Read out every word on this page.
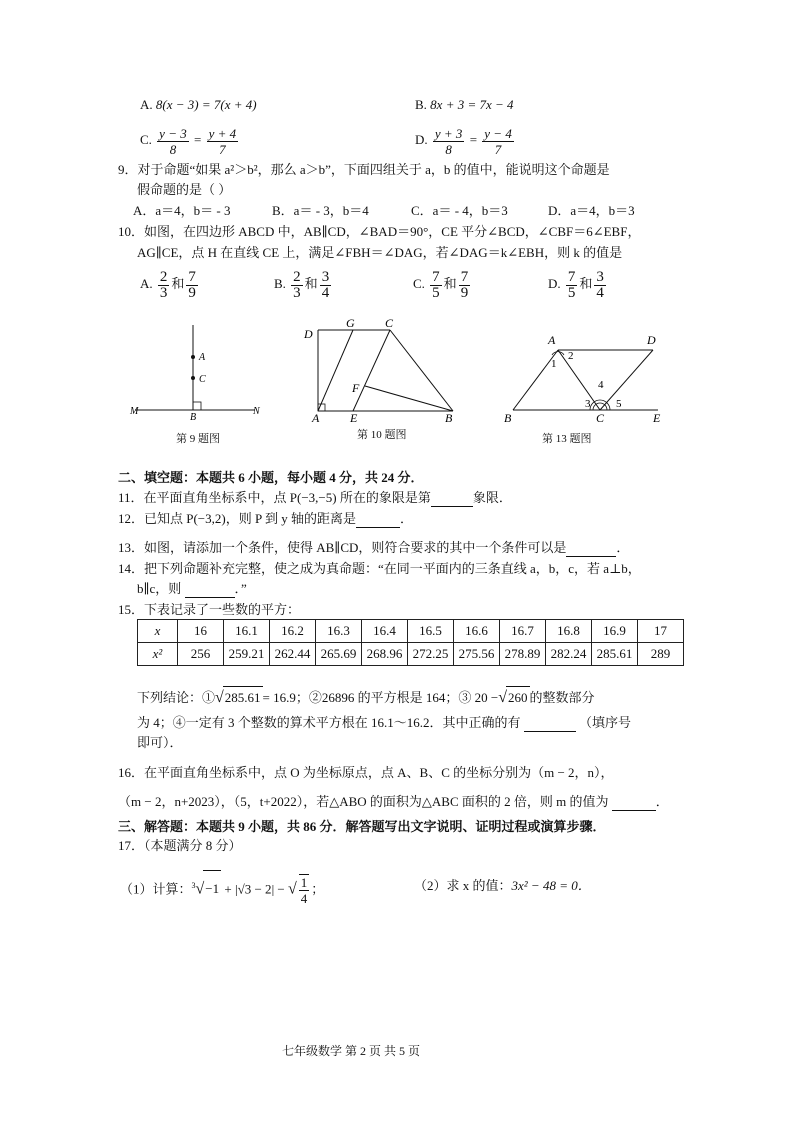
A. 8(x − 3) = 7(x + 4)	B. 8x + 3 = 7x − 4
C. $\frac{y - 3}{8} = \frac{y + 4}{7}$	D. $\frac{y + 3}{8} = \frac{y - 4}{7}$
9．对于命题“如果 a²＞b²，那么 a＞b”，下面四组关于 a，b 的值中，能说明这个命题是
假命题的是（ ）
A．a＝4，b＝ - 3	B．a＝ - 3，b＝4	C．a＝ - 4，b＝3	D．a＝4，b＝3
10．如图，在四边形 ABCD 中，AB∥CD，∠BAD＝90°，CE 平分∠BCD，∠CBF＝6∠EBF，
AG∥CE，点 H 在直线 CE 上，满足∠FBH＝∠DAG，若∠DAG＝k∠EBH，则 k 的值是
A. $\frac{2}{3}$ 和 $\frac{7}{9}$	B. $\frac{2}{3}$ 和 $\frac{3}{4}$	C. $\frac{7}{5}$ 和 $\frac{7}{9}$	D. $\frac{7}{5}$ 和 $\frac{3}{4}$
A
C
B
M	N
第 9 题图
D
G	C
F
A	E	B
第 10 题图
A	D
B	C	E
1
2
3
4
5
第 13 题图
二、填空题：本题共 6 小题，每小题 4 分，共 24 分．
11．在平面直角坐标系中，点 P(−3,−5) 所在的象限是第	象限．
12．已知点 P(−3,2)，则 P 到 y 轴的距离是	．
13．如图，请添加一个条件，使得 AB∥CD，则符合要求的其中一个条件可以是	．
14．把下列命题补充完整，使之成为真命题：“在同一平面内的三条直线 a，b，c，若 a⊥b，
b∥c，则	．”
15．下表记录了一些数的平方：
x	16	16.1	16.2	16.3	16.4	16.5	16.6	16.7	16.8	16.9	17
x²	256	259.21	262.44	265.69	268.96	272.25	275.56	278.89	282.24	285.61	289
下列结论：①√285.61 = 16.9；②26896 的平方根是 164；③ 20 −√260 的整数部分
为 4；④一定有 3 个整数的算术平方根在 16.1～16.2．其中正确的有	（填序号
即可）．
16．在平面直角坐标系中，点 O 为坐标原点，点 A、B、C 的坐标分别为（m − 2，n），
（m − 2，n+2023），（5，t+2022），若△ABO 的面积为△ABC 面积的 2 倍，则 m 的值为	．
三、解答题：本题共 9 小题，共 86 分．解答题写出文字说明、证明过程或演算步骤．
17．（本题满分 8 分）
（1）计算：$^3$√−1 + |√3 − 2| − √ $\frac{1}{4}$ ；	（2）求 x 的值：3x² − 48 = 0．
七年级数学 第 2 页 共 5 页
